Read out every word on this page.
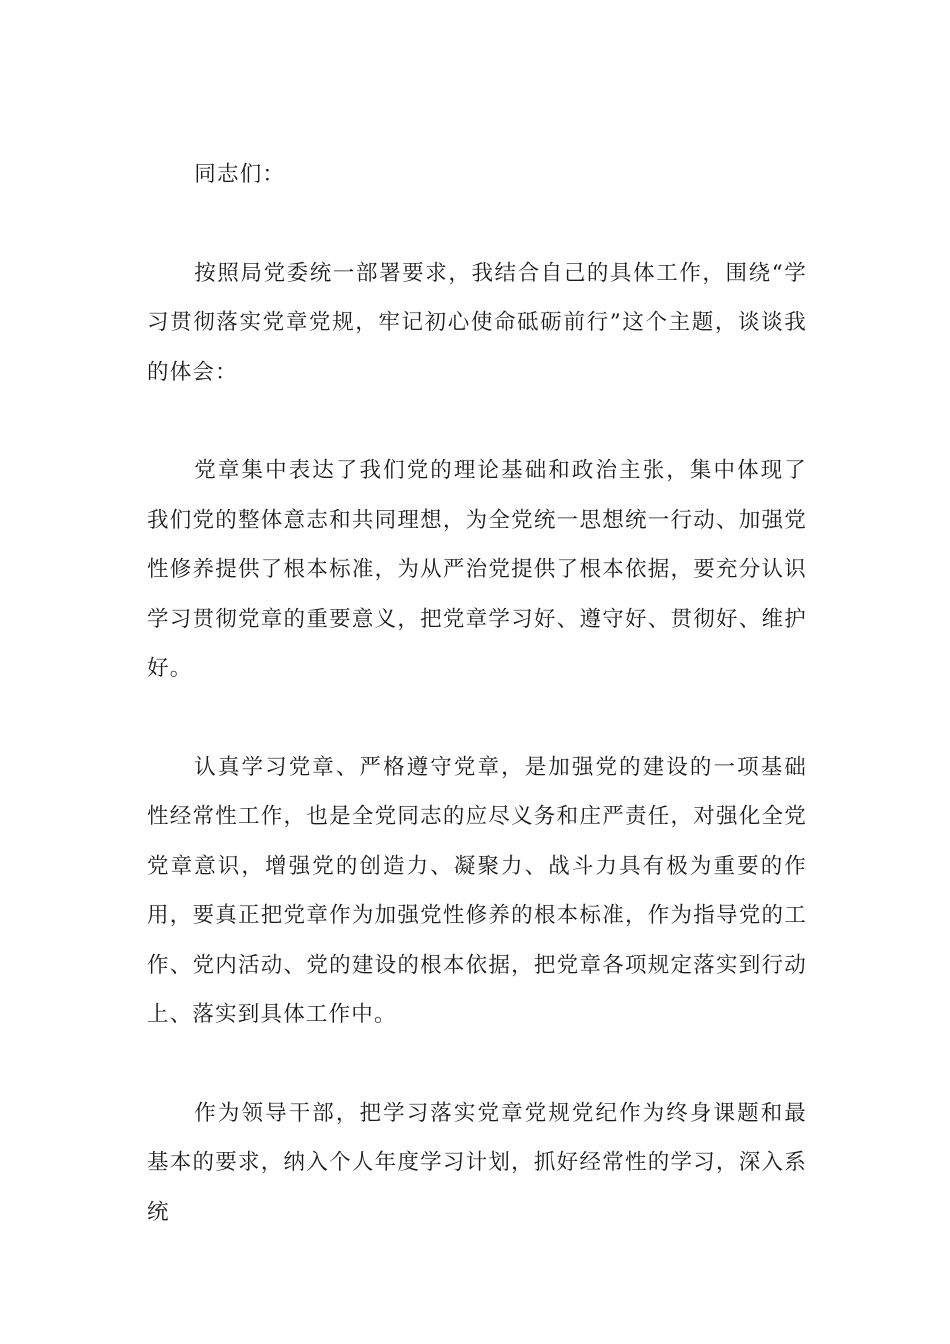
同志们：

按照局党委统一部署要求，我结合自己的具体工作，围绕“学习贯彻落实党章党规，牢记初心使命砥砺前行”这个主题，谈谈我的体会：

党章集中表达了我们党的理论基础和政治主张，集中体现了我们党的整体意志和共同理想，为全党统一思想统一行动、加强党性修养提供了根本标准，为从严治党提供了根本依据，要充分认识学习贯彻党章的重要意义，把党章学习好、遵守好、贯彻好、维护好。

认真学习党章、严格遵守党章，是加强党的建设的一项基础性经常性工作，也是全党同志的应尽义务和庄严责任，对强化全党党章意识，增强党的创造力、凝聚力、战斗力具有极为重要的作用，要真正把党章作为加强党性修养的根本标准，作为指导党的工作、党内活动、党的建设的根本依据，把党章各项规定落实到行动上、落实到具体工作中。

作为领导干部，把学习落实党章党规党纪作为终身课题和最基本的要求，纳入个人年度学习计划，抓好经常性的学习，深入系统
